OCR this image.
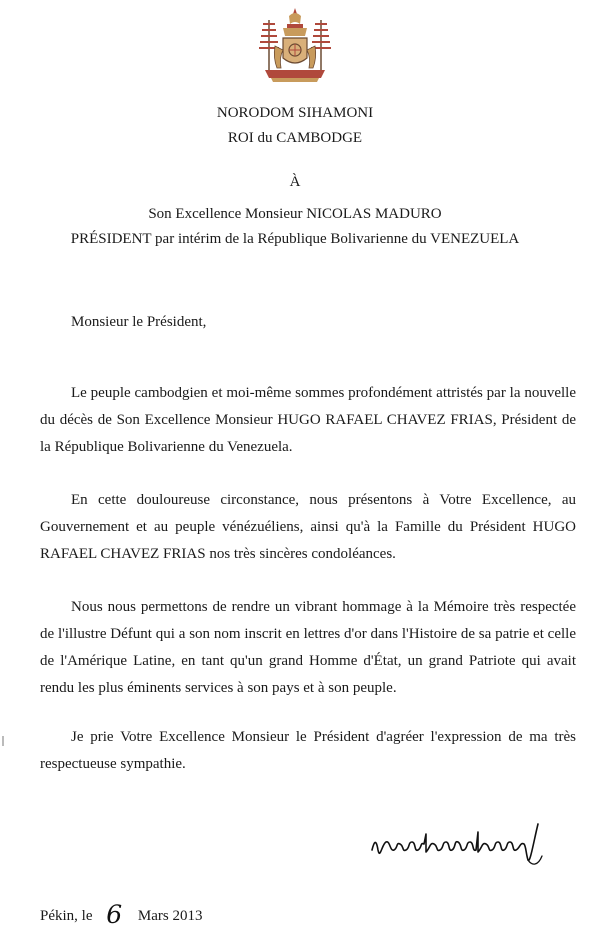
NORODOM SIHAMONI
ROI du CAMBODGE
À
Son Excellence Monsieur NICOLAS MADURO
PRÉSIDENT par intérim de la République Bolivarienne du VENEZUELA
Monsieur le Président,

Le peuple cambodgien et moi-même sommes profondément attristés par la nouvelle du décès de Son Excellence Monsieur HUGO RAFAEL CHAVEZ FRIAS, Président de la République Bolivarienne du Venezuela.

En cette douloureuse circonstance, nous présentons à Votre Excellence, au Gouvernement et au peuple vénézuéliens, ainsi qu'à la Famille du Président HUGO RAFAEL CHAVEZ FRIAS nos très sincères condoléances.

Nous nous permettons de rendre un vibrant hommage à la Mémoire très respectée de l'illustre Défunt qui a son nom inscrit en lettres d'or dans l'Histoire de sa patrie et celle de l'Amérique Latine, en tant qu'un grand Homme d'État, un grand Patriote qui avait rendu les plus éminents services à son pays et à son peuple.

Je prie Votre Excellence Monsieur le Président d'agréer l'expression de ma très respectueuse sympathie.

Pékin, le 6 Mars 2013
